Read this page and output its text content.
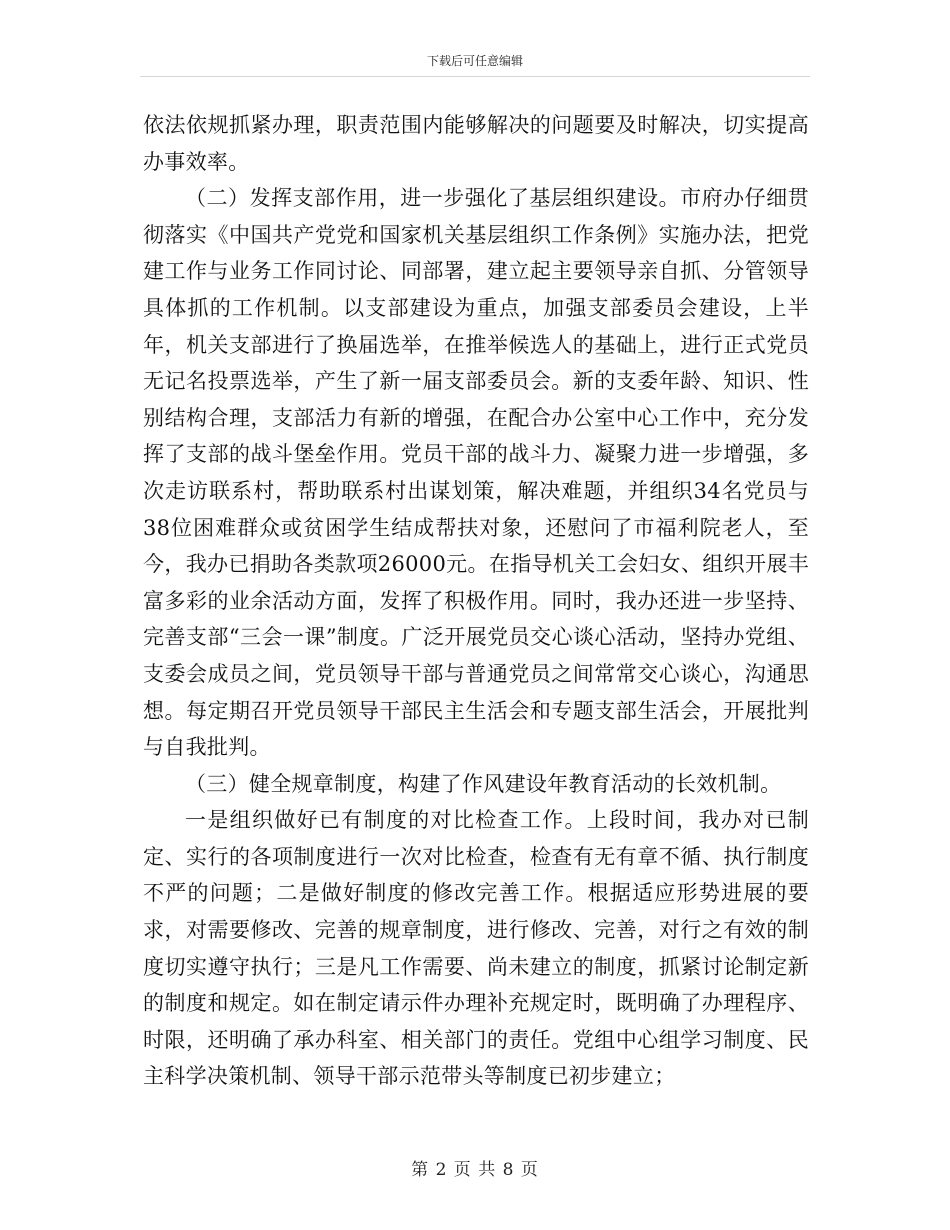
下载后可任意编辑

依法依规抓紧办理，职责范围内能够解决的问题要及时解决，切实提高办事效率。

（二）发挥支部作用，进一步强化了基层组织建设。市府办仔细贯彻落实《中国共产党党和国家机关基层组织工作条例》实施办法，把党建工作与业务工作同讨论、同部署，建立起主要领导亲自抓、分管领导具体抓的工作机制。以支部建设为重点，加强支部委员会建设，上半年，机关支部进行了换届选举，在推举候选人的基础上，进行正式党员无记名投票选举，产生了新一届支部委员会。新的支委年龄、知识、性别结构合理，支部活力有新的增强，在配合办公室中心工作中，充分发挥了支部的战斗堡垒作用。党员干部的战斗力、凝聚力进一步增强，多次走访联系村，帮助联系村出谋划策，解决难题，并组织34名党员与38位困难群众或贫困学生结成帮扶对象，还慰问了市福利院老人，至今，我办已捐助各类款项26000元。在指导机关工会妇女、组织开展丰富多彩的业余活动方面，发挥了积极作用。同时，我办还进一步坚持、完善支部“三会一课”制度。广泛开展党员交心谈心活动，坚持办党组、支委会成员之间，党员领导干部与普通党员之间常常交心谈心，沟通思想。每定期召开党员领导干部民主生活会和专题支部生活会，开展批判与自我批判。

（三）健全规章制度，构建了作风建设年教育活动的长效机制。

一是组织做好已有制度的对比检查工作。上段时间，我办对已制定、实行的各项制度进行一次对比检查，检查有无有章不循、执行制度不严的问题；二是做好制度的修改完善工作。根据适应形势进展的要求，对需要修改、完善的规章制度，进行修改、完善，对行之有效的制度切实遵守执行；三是凡工作需要、尚未建立的制度，抓紧讨论制定新的制度和规定。如在制定请示件办理补充规定时，既明确了办理程序、时限，还明确了承办科室、相关部门的责任。党组中心组学习制度、民主科学决策机制、领导干部示范带头等制度已初步建立；

第 2 页 共 8 页
